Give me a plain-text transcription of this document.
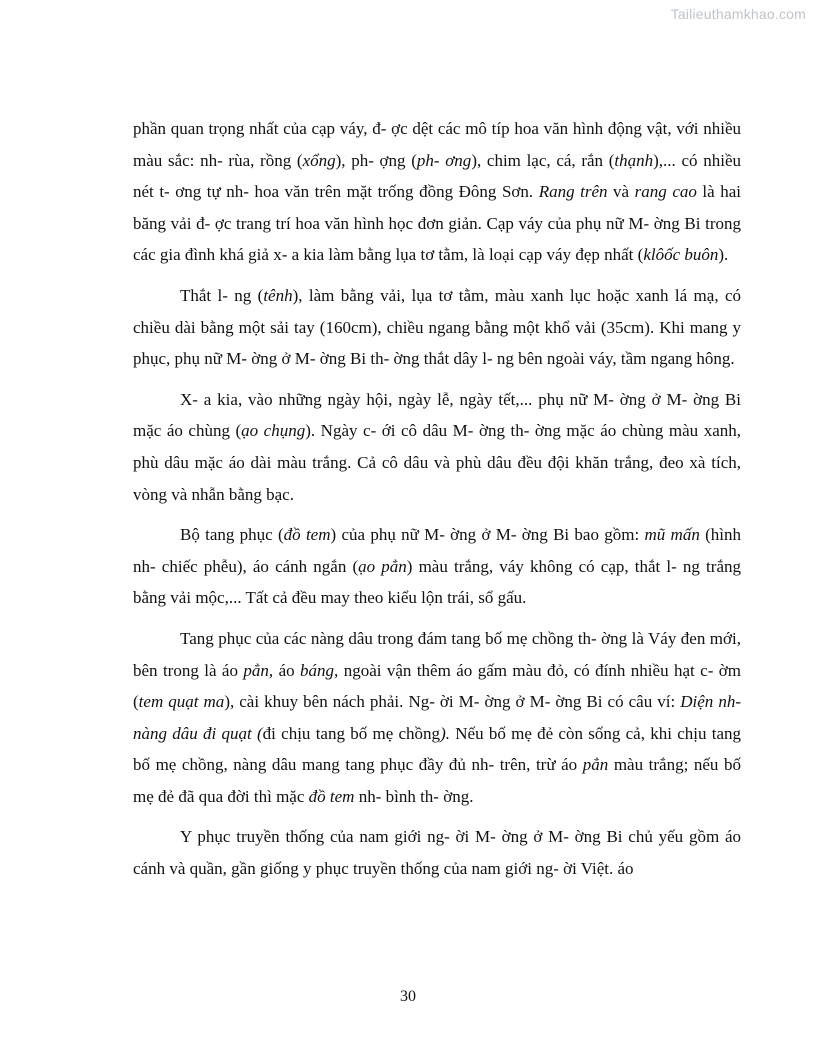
Tailieuthamkhao.com

phần quan trọng nhất của cạp váy, đ- ợc dệt các mô típ hoa văn hình động vật, với nhiều màu sắc: nh- rùa, rồng (xổng), ph- ợng (ph- ơng), chim lạc, cá, rắn (thạnh),... có nhiều nét t- ơng tự nh- hoa văn trên mặt trống đồng Đông Sơn. Rang trên và rang cao là hai băng vải đ- ợc trang trí hoa văn hình học đơn giản. Cạp váy của phụ nữ M- ờng Bi trong các gia đình khá giả x- a kia làm bằng lụa tơ tằm, là loại cạp váy đẹp nhất (klôốc buôn).

Thắt l- ng (tênh), làm bằng vải, lụa tơ tằm, màu xanh lục hoặc xanh lá mạ, có chiều dài bằng một sải tay (160cm), chiều ngang bằng một khổ vải (35cm). Khi mang y phục, phụ nữ M- ờng ở M- ờng Bi th- ờng thắt dây l- ng bên ngoài váy, tầm ngang hông.

X- a kia, vào những ngày hội, ngày lễ, ngày tết,... phụ nữ M- ờng ở M- ờng Bi mặc áo chùng (ạo chụng). Ngày c- ới cô dâu M- ờng th- ờng mặc áo chùng màu xanh, phù dâu mặc áo dài màu trắng. Cả cô dâu và phù dâu đều đội khăn trắng, đeo xà tích, vòng và nhẫn bằng bạc.

Bộ tang phục (đồ tem) của phụ nữ M- ờng ở M- ờng Bi bao gồm: mũ mấn (hình nh- chiếc phễu), áo cánh ngắn (ạo pẳn) màu trắng, váy không có cạp, thắt l- ng trắng bằng vải mộc,... Tất cả đều may theo kiểu lộn trái, sổ gấu.

Tang phục của các nàng dâu trong đám tang bố mẹ chồng th- ờng là Váy đen mới, bên trong là áo pẳn, áo báng, ngoài vận thêm áo gấm màu đỏ, có đính nhiều hạt c- ờm (tem quạt ma), cài khuy bên nách phải. Ng- ời M- ờng ở M- ờng Bi có câu ví: Diện nh- nàng dâu đi quạt (đi chịu tang bố mẹ chồng). Nếu bố mẹ đẻ còn sống cả, khi chịu tang bố mẹ chồng, nàng dâu mang tang phục đầy đủ nh- trên, trừ áo pẳn màu trắng; nếu bố mẹ đẻ đã qua đời thì mặc đồ tem nh- bình th- ờng.

Y phục truyền thống của nam giới ng- ời M- ờng ở M- ờng Bi chủ yếu gồm áo cánh và quần, gần giống y phục truyền thống của nam giới ng- ời Việt. áo

30
